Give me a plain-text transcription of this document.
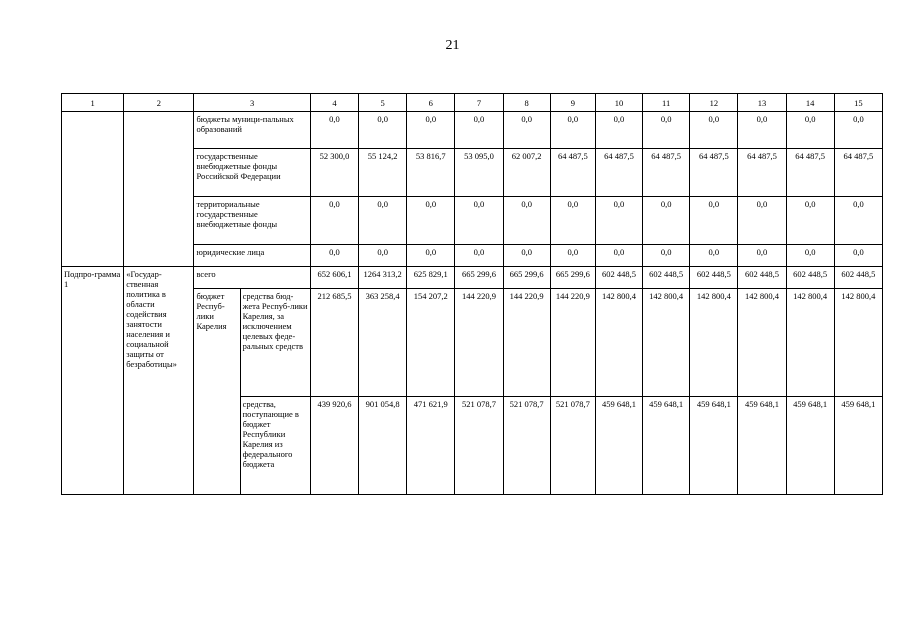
21
1	2	3		4	5	6	7	8	9	10	11	12	13	14	15
		бюджеты муници-пальных образований		0,0	0,0	0,0	0,0	0,0	0,0	0,0	0,0	0,0	0,0	0,0	0,0
		государственные внебюджетные фонды Российской Федерации		52 300,0	55 124,2	53 816,7	53 095,0	62 007,2	64 487,5	64 487,5	64 487,5	64 487,5	64 487,5	64 487,5	64 487,5
		территориальные государственные внебюджетные фонды		0,0	0,0	0,0	0,0	0,0	0,0	0,0	0,0	0,0	0,0	0,0	0,0
		юридические лица		0,0	0,0	0,0	0,0	0,0	0,0	0,0	0,0	0,0	0,0	0,0	0,0
Подпро-грамма 1	«Государ-ственная политика в области содействия занятости населения и социальной защиты от безработицы»	всего		652 606,1	1264 313,2	625 829,1	665 299,6	665 299,6	665 299,6	602 448,5	602 448,5	602 448,5	602 448,5	602 448,5	602 448,5
		бюджет Респуб-лики Карелия	средства бюд-жета Респуб-лики Карелия, за исключением целевых феде-ральных средств	212 685,5	363 258,4	154 207,2	144 220,9	144 220,9	144 220,9	142 800,4	142 800,4	142 800,4	142 800,4	142 800,4	142 800,4
			средства, поступающие в бюджет Республики Карелия из федерального бюджета	439 920,6	901 054,8	471 621,9	521 078,7	521 078,7	521 078,7	459 648,1	459 648,1	459 648,1	459 648,1	459 648,1	459 648,1
